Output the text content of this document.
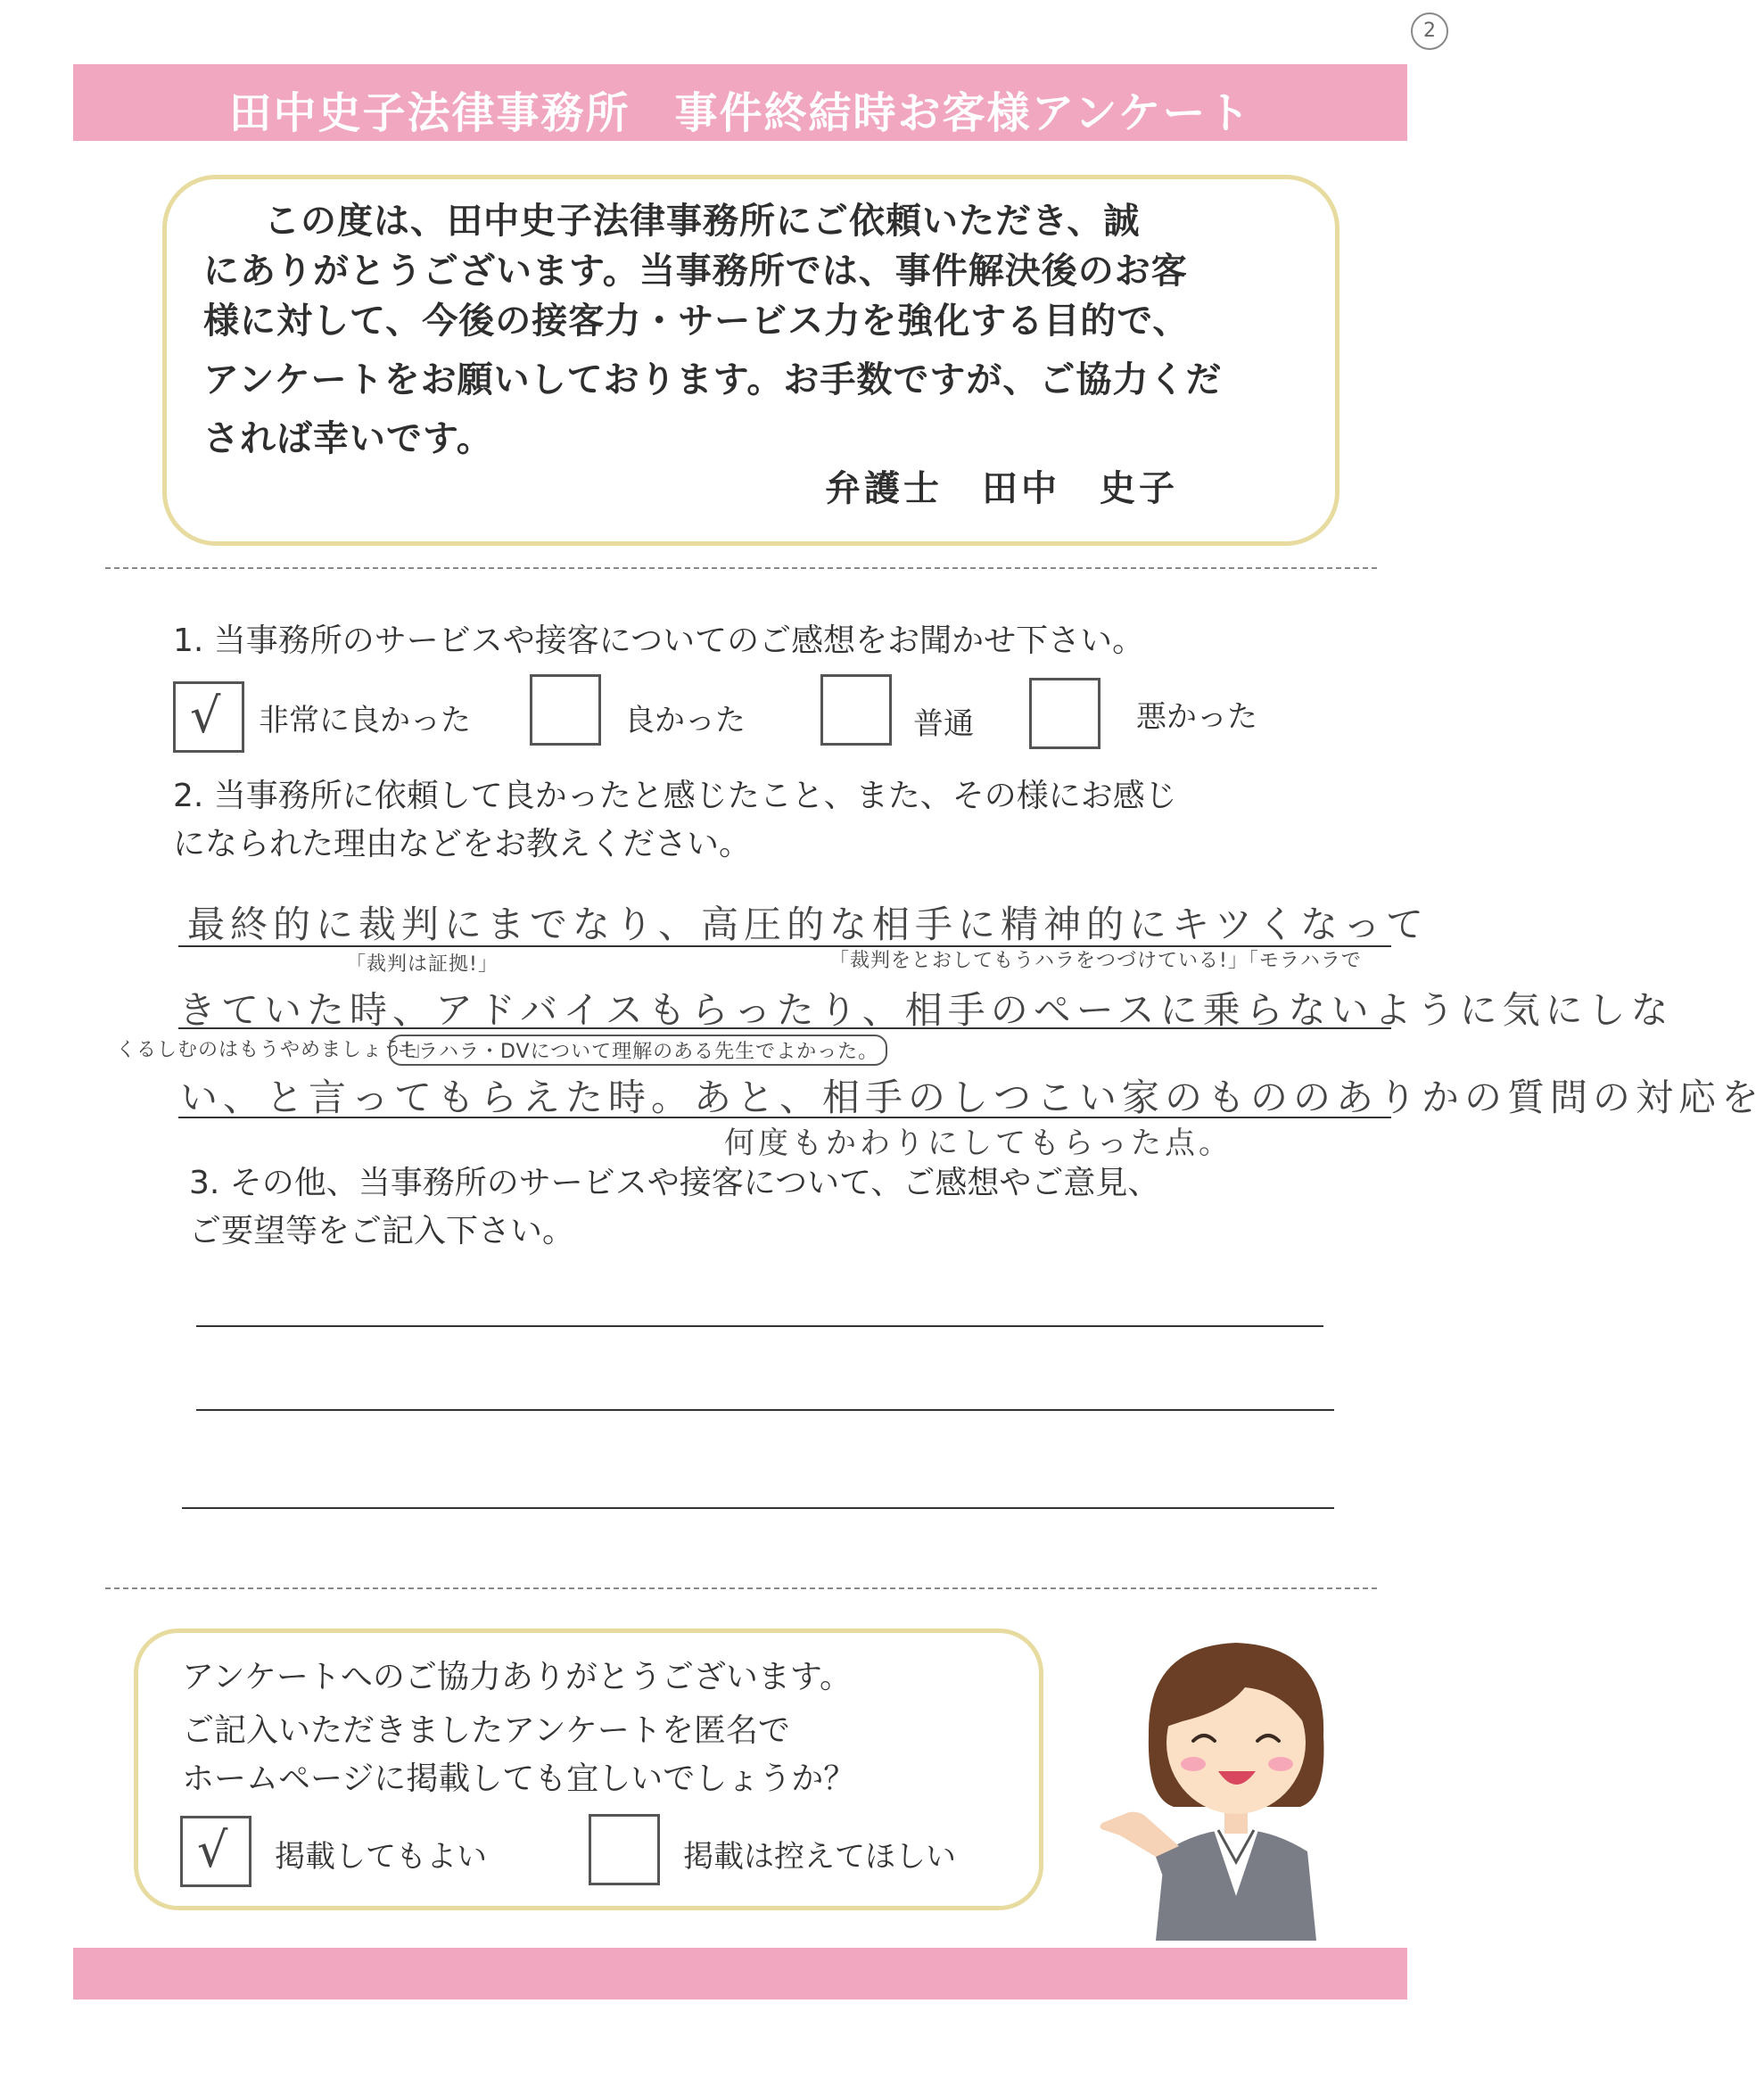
2
田中史子法律事務所　事件終結時お客様アンケート
この度は、田中史子法律事務所にご依頼いただき、誠
にありがとうございます。当事務所では、事件解決後のお客
様に対して、今後の接客力・サービス力を強化する目的で、
アンケートをお願いしております。お手数ですが、ご協力くだ
されば幸いです。
弁護士　田中　史子
1. 当事務所のサービスや接客についてのご感想をお聞かせ下さい。
√ 非常に良かった	良かった	普通	悪かった
2. 当事務所に依頼して良かったと感じたこと、また、その様にお感じ
になられた理由などをお教えください。
最終的に裁判にまでなり、高圧的な相手に精神的にキツくなって
「裁判は証拠!」	「裁判をとおしてもうハラをつづけている!」「モラハラで
きていた時、アドバイスもらったり、相手のペースに乗らないように気にしな
くるしむのはもうやめましょう!」
モラハラ・DVについて理解のある先生でよかった。
い、と言ってもらえた時。あと、相手のしつこい家のもののありかの質問の対応を
何度もかわりにしてもらった点。
3. その他、当事務所のサービスや接客について、ご感想やご意見、
ご要望等をご記入下さい。
アンケートへのご協力ありがとうございます。
ご記入いただきましたアンケートを匿名で
ホームページに掲載しても宜しいでしょうか？
√ 掲載してもよい	掲載は控えてほしい
